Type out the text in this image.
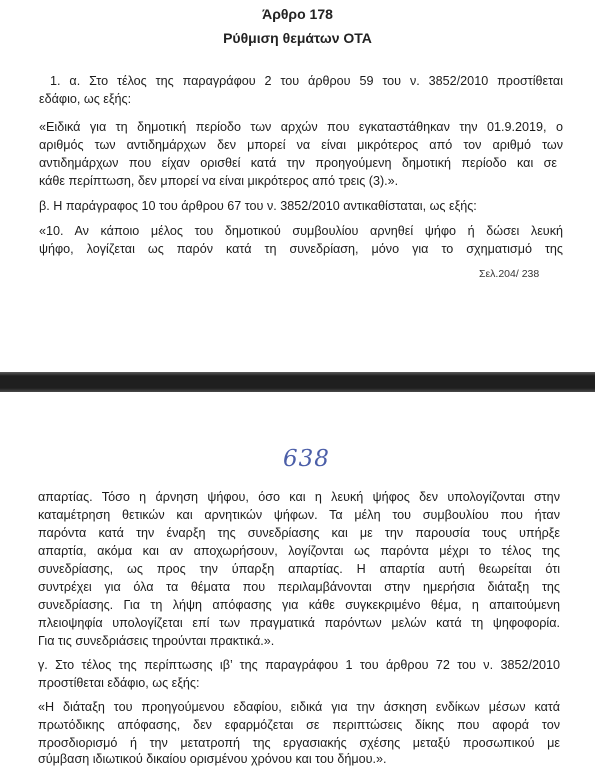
Άρθρο 178
Ρύθμιση θεμάτων ΟΤΑ
1. α. Στο τέλος της παραγράφου 2 του άρθρου 59 του ν. 3852/2010 προστίθεται
εδάφιο, ως εξής:
«Ειδικά για τη δημοτική περίοδο των αρχών που εγκαταστάθηκαν την 01.9.2019, ο
αριθμός των αντιδημάρχων δεν μπορεί να είναι μικρότερος από τον αριθμό των
αντιδημάρχων που είχαν ορισθεί κατά την προηγούμενη δημοτική περίοδο και σε
κάθε περίπτωση, δεν μπορεί να είναι μικρότερος από τρεις (3).».
β. Η παράγραφος 10 του άρθρου 67 του ν. 3852/2010 αντικαθίσταται, ως εξής:
«10. Αν κάποιο μέλος του δημοτικού συμβουλίου αρνηθεί ψήφο ή δώσει λευκή
ψήφο, λογίζεται ως παρόν κατά τη συνεδρίαση, μόνο για το σχηματισμό της
Σελ.204/ 238
638
απαρτίας. Τόσο η άρνηση ψήφου, όσο και η λευκή ψήφος δεν υπολογίζονται στην
καταμέτρηση θετικών και αρνητικών ψήφων. Τα μέλη του συμβουλίου που ήταν
παρόντα κατά την έναρξη της συνεδρίασης και με την παρουσία τους υπήρξε
απαρτία, ακόμα και αν αποχωρήσουν, λογίζονται ως παρόντα μέχρι το τέλος της
συνεδρίασης, ως προς την ύπαρξη απαρτίας. Η απαρτία αυτή θεωρείται ότι
συντρέχει για όλα τα θέματα που περιλαμβάνονται στην ημερήσια διάταξη της
συνεδρίασης. Για τη λήψη απόφασης για κάθε συγκεκριμένο θέμα, η απαιτούμενη
πλειοψηφία υπολογίζεται επί των πραγματικά παρόντων μελών κατά τη ψηφοφορία.
Για τις συνεδριάσεις τηρούνται πρακτικά.».
γ. Στο τέλος της περίπτωσης ιβ’ της παραγράφου 1 του άρθρου 72 του ν. 3852/2010
προστίθεται εδάφιο, ως εξής:
«Η διάταξη του προηγούμενου εδαφίου, ειδικά για την άσκηση ενδίκων μέσων κατά
πρωτόδικης απόφασης, δεν εφαρμόζεται σε περιπτώσεις δίκης που αφορά τον
προσδιορισμό ή την μετατροπή της εργασιακής σχέσης μεταξύ προσωπικού με
σύμβαση ιδιωτικού δικαίου ορισμένου χρόνου και του δήμου.».
